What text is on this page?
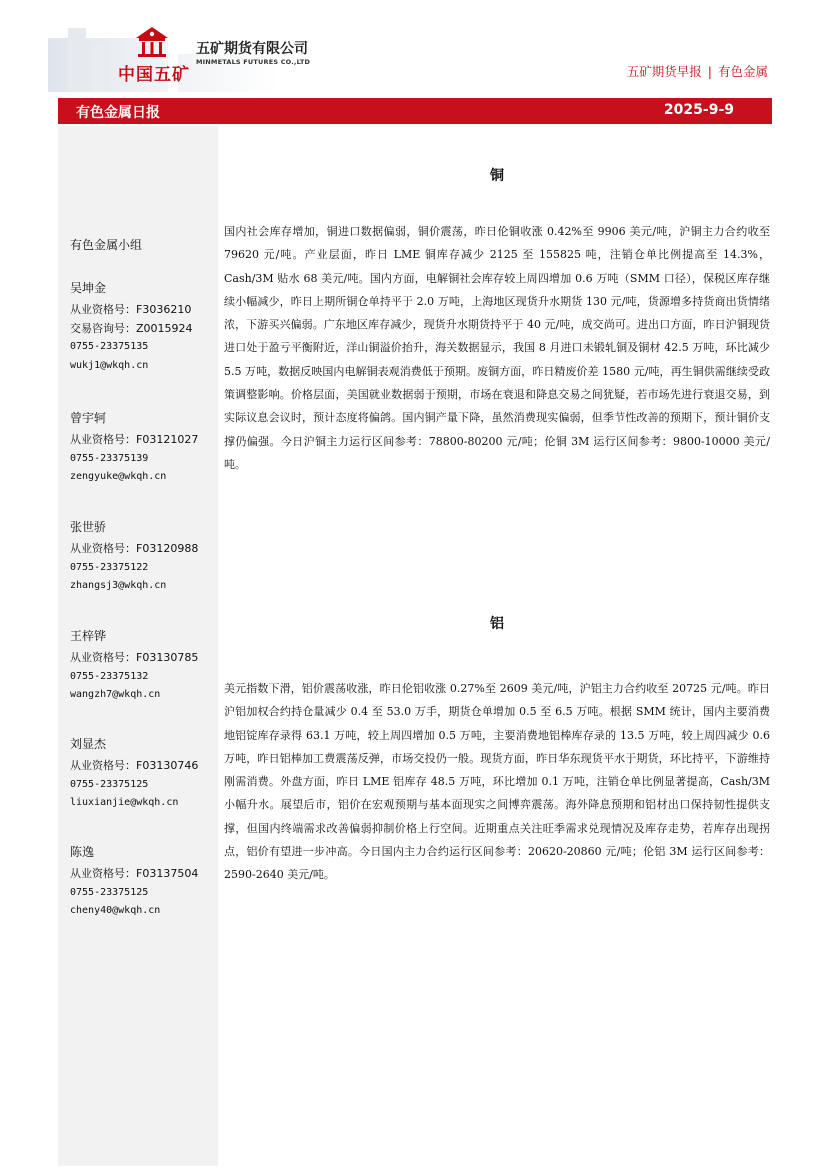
中国五矿
五矿期货有限公司
MINMETALS FUTURES CO.,LTD
五矿期货早报 | 有色金属
有色金属日报	2025-9-9
有色金属小组
吴坤金
从业资格号：F3036210
交易咨询号：Z0015924
0755-23375135
wukj1@wkqh.cn
曾宇轲
从业资格号：F03121027
0755-23375139
zengyuke@wkqh.cn
张世骄
从业资格号：F03120988
0755-23375122
zhangsj3@wkqh.cn
王梓铧
从业资格号：F03130785
0755-23375132
wangzh7@wkqh.cn
刘显杰
从业资格号：F03130746
0755-23375125
liuxianjie@wkqh.cn
陈逸
从业资格号：F03137504
0755-23375125
cheny40@wkqh.cn
铜

国内社会库存增加，铜进口数据偏弱，铜价震荡，昨日伦铜收涨 0.42%至 9906 美元/吨，沪铜主力合约收至 79620 元/吨。产业层面，昨日 LME 铜库存减少 2125 至 155825 吨，注销仓单比例提高至 14.3%，Cash/3M 贴水 68 美元/吨。国内方面，电解铜社会库存较上周四增加 0.6 万吨（SMM 口径），保税区库存继续小幅减少，昨日上期所铜仓单持平于 2.0 万吨，上海地区现货升水期货 130 元/吨，货源增多持货商出货情绪浓，下游买兴偏弱。广东地区库存减少，现货升水期货持平于 40 元/吨，成交尚可。进出口方面，昨日沪铜现货进口处于盈亏平衡附近，洋山铜溢价抬升，海关数据显示，我国 8 月进口未锻轧铜及铜材 42.5 万吨，环比减少 5.5 万吨，数据反映国内电解铜表观消费低于预期。废铜方面，昨日精废价差 1580 元/吨，再生铜供需继续受政策调整影响。价格层面，美国就业数据弱于预期，市场在衰退和降息交易之间犹疑，若市场先进行衰退交易，到实际议息会议时，预计态度将偏鸽。国内铜产量下降，虽然消费现实偏弱，但季节性改善的预期下，预计铜价支撑仍偏强。今日沪铜主力运行区间参考：78800-80200 元/吨；伦铜 3M 运行区间参考：9800-10000 美元/吨。

铝

美元指数下滑，铝价震荡收涨，昨日伦铝收涨 0.27%至 2609 美元/吨，沪铝主力合约收至 20725 元/吨。昨日沪铝加权合约持仓量减少 0.4 至 53.0 万手，期货仓单增加 0.5 至 6.5 万吨。根据 SMM 统计，国内主要消费地铝锭库存录得 63.1 万吨，较上周四增加 0.5 万吨，主要消费地铝棒库存录的 13.5 万吨，较上周四减少 0.6 万吨，昨日铝棒加工费震荡反弹，市场交投仍一般。现货方面，昨日华东现货平水于期货，环比持平，下游维持刚需消费。外盘方面，昨日 LME 铝库存 48.5 万吨，环比增加 0.1 万吨，注销仓单比例显著提高，Cash/3M 小幅升水。展望后市，铝价在宏观预期与基本面现实之间博弈震荡。海外降息预期和铝材出口保持韧性提供支撑，但国内终端需求改善偏弱抑制价格上行空间。近期重点关注旺季需求兑现情况及库存走势，若库存出现拐点，铝价有望进一步冲高。今日国内主力合约运行区间参考：20620-20860 元/吨；伦铝 3M 运行区间参考：2590-2640 美元/吨。
